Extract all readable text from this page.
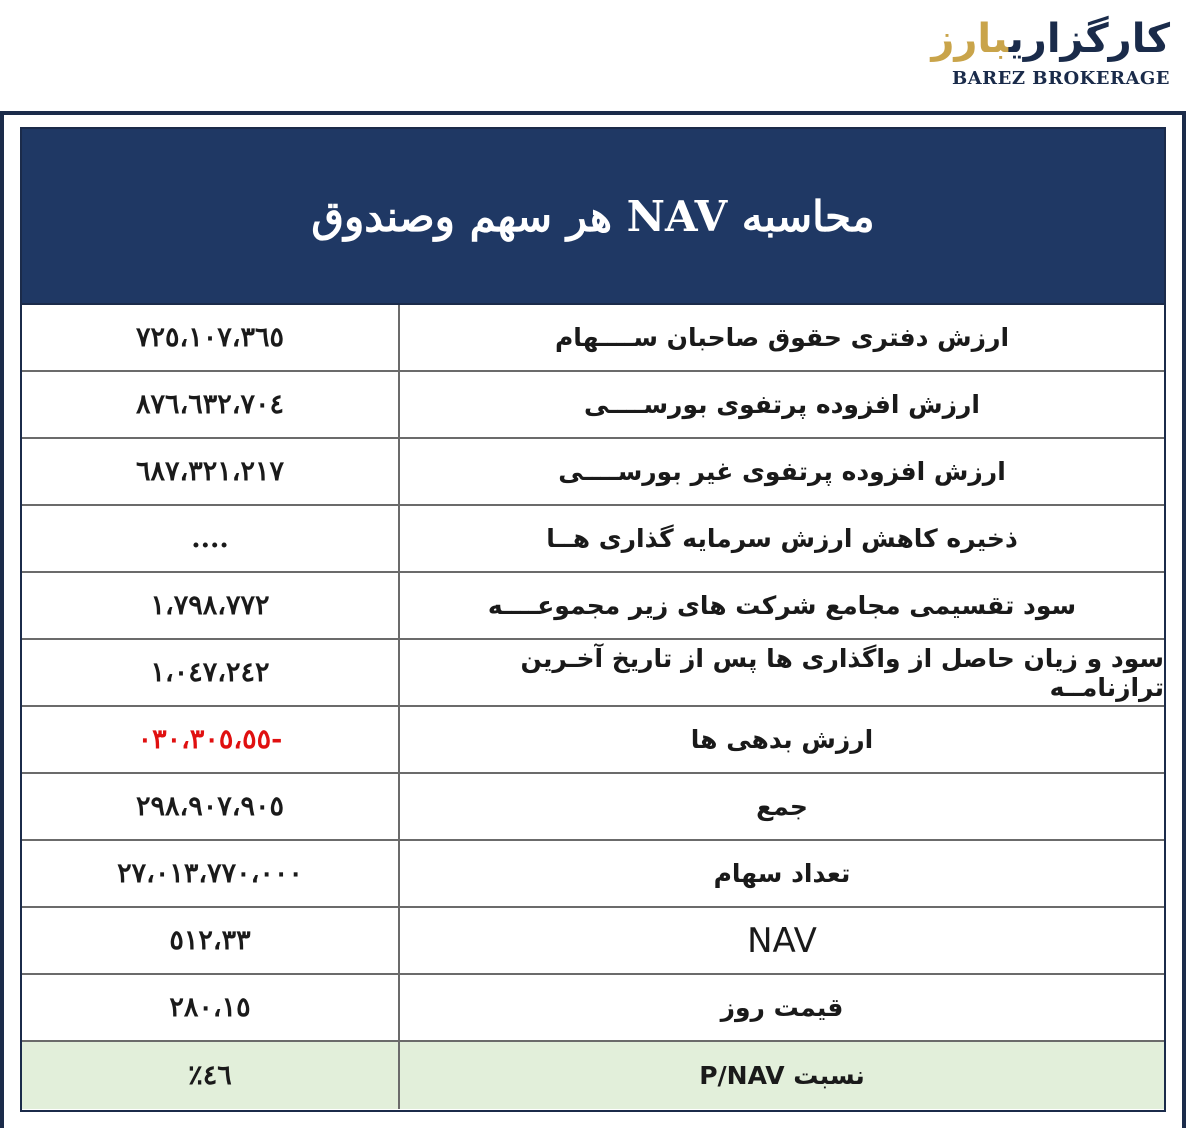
کارگزاریبارز
BAREZ BROKERAGE
محاسبه NAV هر سهم وصندوق
۱۰۷،۳٦٥،۷۲٥	ارزش دفتری حقوق صاحبان ســــهام
٦۳۲،۷۰٤،۸۷٦	ارزش افزوده پرتفوی بورســــی
۲۱۷،٦۸۷،۳۲۱	ارزش افزوده پرتفوی غیر بورســــی
....	ذخیره کاهش ارزش سرمایه گذاری هــا
۱،۷۹۸،۷۷۲	سود تقسیمی مجامع شرکت های زیر مجموعــــه
۱،۰٤۷،۲٤۲	سود و زیان حاصل از واگذاری ها پس از تاریخ آخـرین ترازنامــه
-٥٥،۳۰٥،۰۳۰	ارزش بدهی ها
۹۰٥،۲۹۸،۹۰۷	جمع
۲۷،۰۱۳،۷۷۰،۰۰۰	تعداد سهام
۳۳،٥۱۲	NAV
۱٥،۲۸۰	قیمت روز
٤٦٪	نسبت P/NAV
